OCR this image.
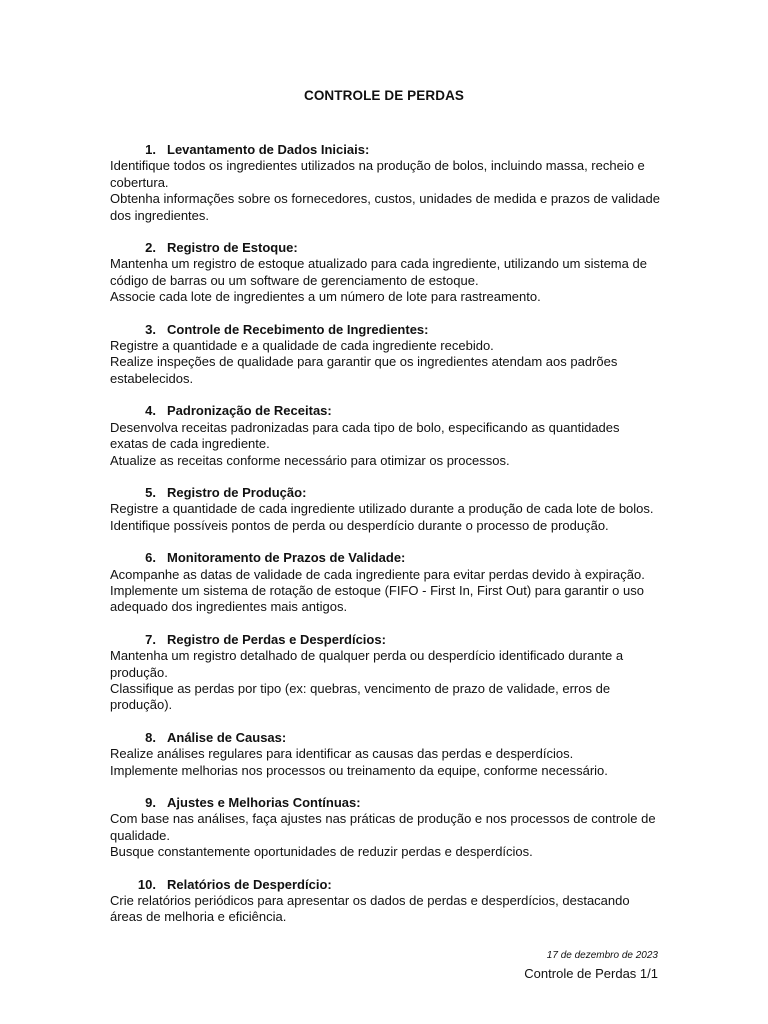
CONTROLE DE PERDAS
1. Levantamento de Dados Iniciais:

Identifique todos os ingredientes utilizados na produção de bolos, incluindo massa, recheio e cobertura.

Obtenha informações sobre os fornecedores, custos, unidades de medida e prazos de validade dos ingredientes.

2. Registro de Estoque:

Mantenha um registro de estoque atualizado para cada ingrediente, utilizando um sistema de código de barras ou um software de gerenciamento de estoque.

Associe cada lote de ingredientes a um número de lote para rastreamento.

3. Controle de Recebimento de Ingredientes:

Registre a quantidade e a qualidade de cada ingrediente recebido.

Realize inspeções de qualidade para garantir que os ingredientes atendam aos padrões estabelecidos.

4. Padronização de Receitas:

Desenvolva receitas padronizadas para cada tipo de bolo, especificando as quantidades exatas de cada ingrediente.

Atualize as receitas conforme necessário para otimizar os processos.

5. Registro de Produção:

Registre a quantidade de cada ingrediente utilizado durante a produção de cada lote de bolos.

Identifique possíveis pontos de perda ou desperdício durante o processo de produção.

6. Monitoramento de Prazos de Validade:

Acompanhe as datas de validade de cada ingrediente para evitar perdas devido à expiração.

Implemente um sistema de rotação de estoque (FIFO - First In, First Out) para garantir o uso adequado dos ingredientes mais antigos.

7. Registro de Perdas e Desperdícios:

Mantenha um registro detalhado de qualquer perda ou desperdício identificado durante a produção.

Classifique as perdas por tipo (ex: quebras, vencimento de prazo de validade, erros de produção).

8. Análise de Causas:

Realize análises regulares para identificar as causas das perdas e desperdícios.

Implemente melhorias nos processos ou treinamento da equipe, conforme necessário.

9. Ajustes e Melhorias Contínuas:

Com base nas análises, faça ajustes nas práticas de produção e nos processos de controle de qualidade.

Busque constantemente oportunidades de reduzir perdas e desperdícios.

10. Relatórios de Desperdício:

Crie relatórios periódicos para apresentar os dados de perdas e desperdícios, destacando áreas de melhoria e eficiência.

17 de dezembro de 2023
Controle de Perdas 1/1
